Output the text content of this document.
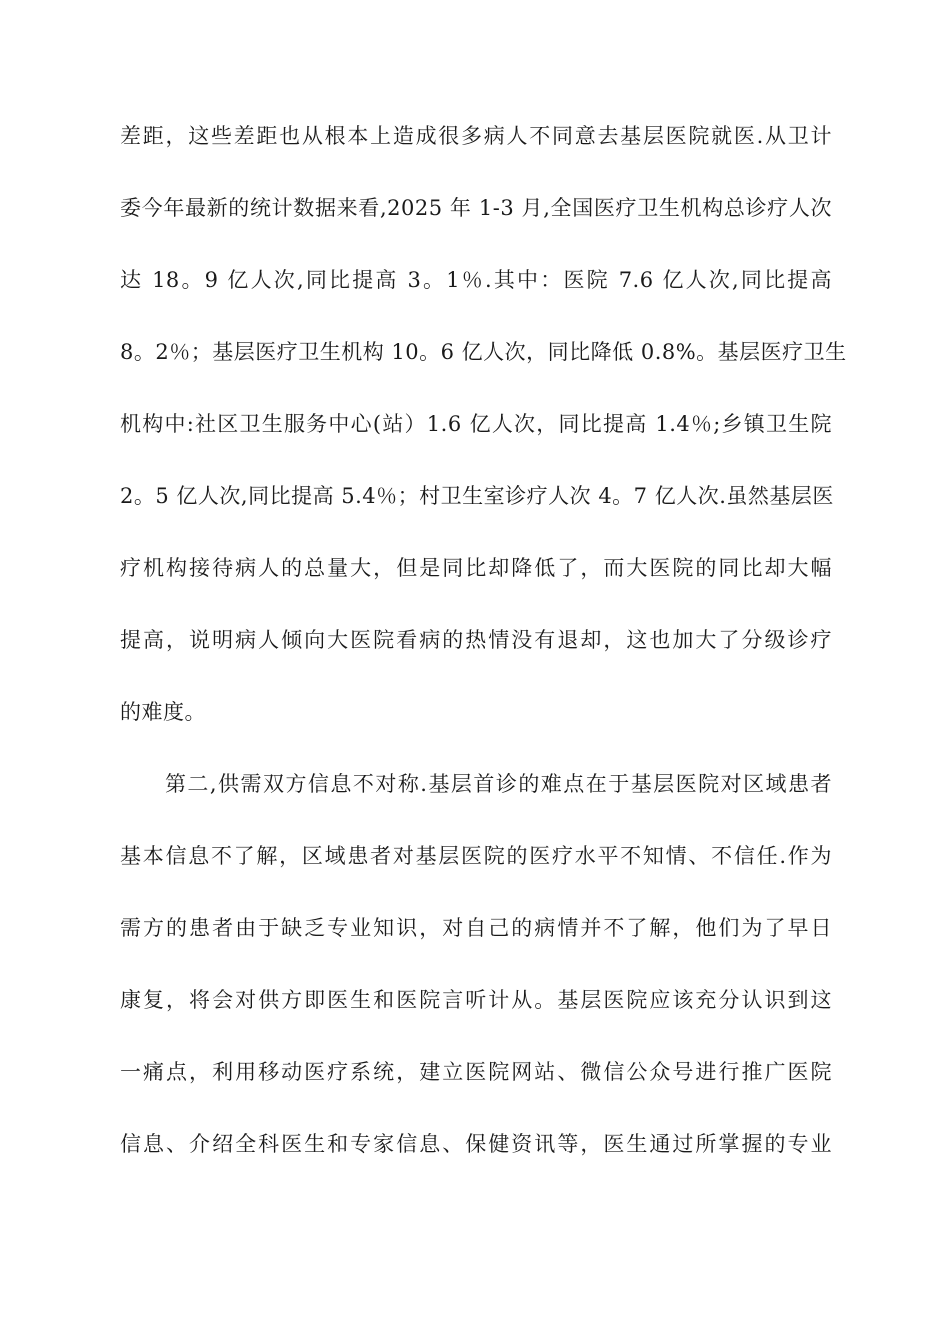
差距，这些差距也从根本上造成很多病人不同意去基层医院就医.从卫计
委今年最新的统计数据来看,2025 年 1-3 月,全国医疗卫生机构总诊疗人次
达 18。9 亿人次,同比提高 3。1％.其中：医院 7.6 亿人次,同比提高
8。2％；基层医疗卫生机构 10。6 亿人次，同比降低 0.8%。基层医疗卫生
机构中:社区卫生服务中心(站）1.6 亿人次，同比提高 1.4％;乡镇卫生院
2。5 亿人次,同比提高 5.4％；村卫生室诊疗人次 4。7 亿人次.虽然基层医
疗机构接待病人的总量大，但是同比却降低了，而大医院的同比却大幅
提高，说明病人倾向大医院看病的热情没有退却，这也加大了分级诊疗
的难度。
　　第二,供需双方信息不对称.基层首诊的难点在于基层医院对区域患者
基本信息不了解，区域患者对基层医院的医疗水平不知情、不信任.作为
需方的患者由于缺乏专业知识，对自己的病情并不了解，他们为了早日
康复，将会对供方即医生和医院言听计从。基层医院应该充分认识到这
一痛点，利用移动医疗系统，建立医院网站、微信公众号进行推广医院
信息、介绍全科医生和专家信息、保健资讯等，医生通过所掌握的专业
